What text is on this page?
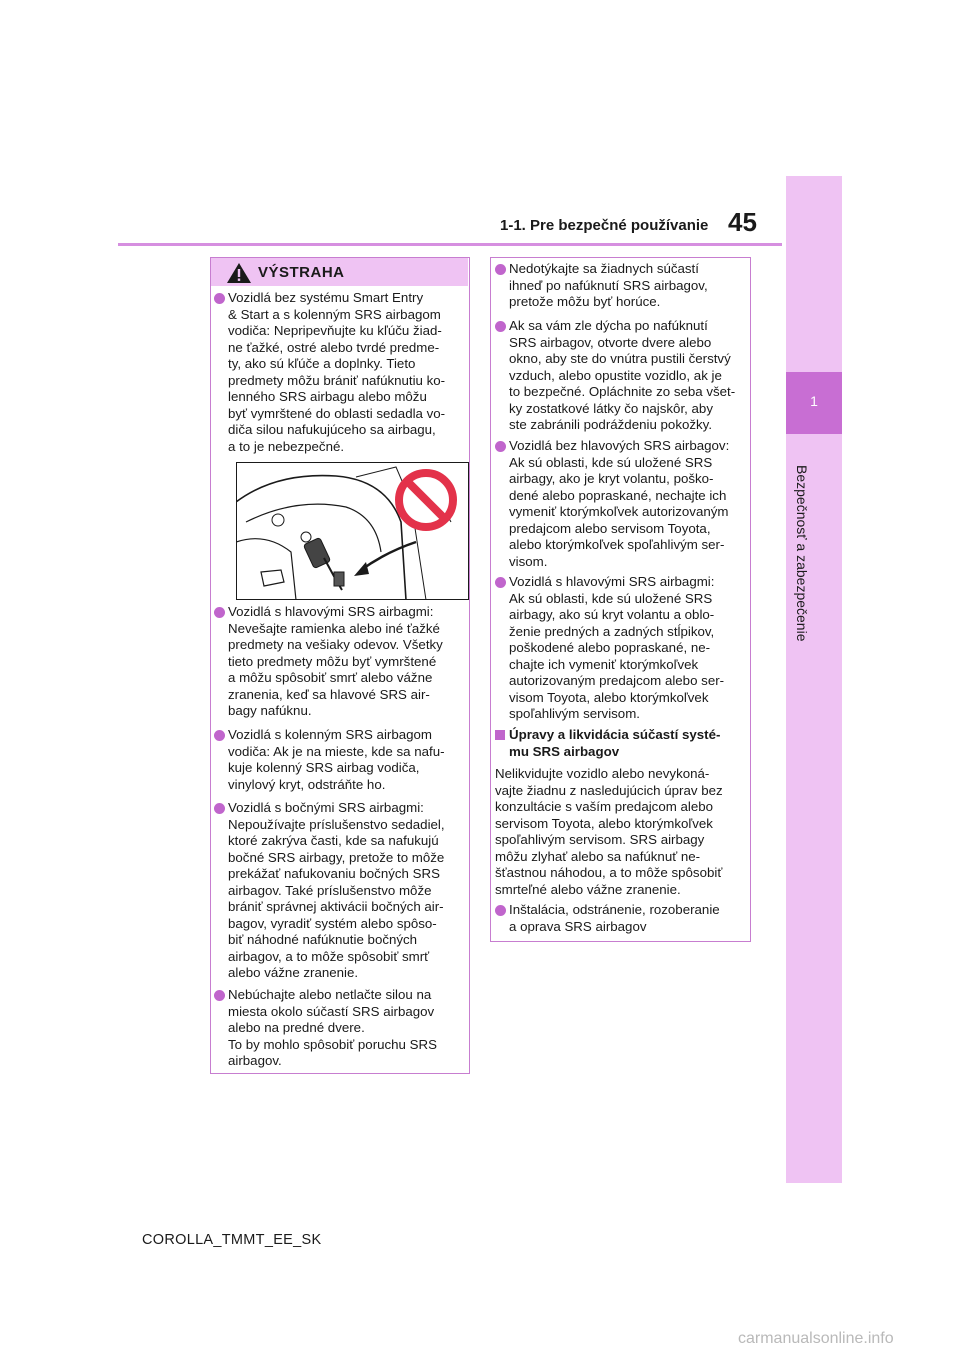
45
1-1. Pre bezpečné používanie
1
Bezpečnosť a zabezpečenie
VÝSTRAHA
Vozidlá bez systému Smart Entry
& Start a s kolenným SRS airbagom
vodiča: Nepripevňujte ku kľúču žiad-
ne ťažké, ostré alebo tvrdé predme-
ty, ako sú kľúče a doplnky. Tieto
predmety môžu brániť nafúknutiu ko-
lenného SRS airbagu alebo môžu
byť vymrštené do oblasti sedadla vo-
diča silou nafukujúceho sa airbagu,
a to je nebezpečné.
Vozidlá s hlavovými SRS airbagmi:
Nevešajte ramienka alebo iné ťažké
predmety na vešiaky odevov. Všetky
tieto predmety môžu byť vymrštené
a môžu spôsobiť smrť alebo vážne
zranenia, keď sa hlavové SRS air-
bagy nafúknu.
Vozidlá s kolenným SRS airbagom
vodiča: Ak je na mieste, kde sa nafu-
kuje kolenný SRS airbag vodiča,
vinylový kryt, odstráňte ho.
Vozidlá s bočnými SRS airbagmi:
Nepoužívajte príslušenstvo sedadiel,
ktoré zakrýva časti, kde sa nafukujú
bočné SRS airbagy, pretože to môže
prekážať nafukovaniu bočných SRS
airbagov. Také príslušenstvo môže
brániť správnej aktivácii bočných air-
bagov, vyradiť systém alebo spôso-
biť náhodné nafúknutie bočných
airbagov, a to môže spôsobiť smrť
alebo vážne zranenie.
Nebúchajte alebo netlačte silou na
miesta okolo súčastí SRS airbagov
alebo na predné dvere.
To by mohlo spôsobiť poruchu SRS
airbagov.
Nedotýkajte sa žiadnych súčastí
ihneď po nafúknutí SRS airbagov,
pretože môžu byť horúce.
Ak sa vám zle dýcha po nafúknutí
SRS airbagov, otvorte dvere alebo
okno, aby ste do vnútra pustili čerstvý
vzduch, alebo opustite vozidlo, ak je
to bezpečné. Opláchnite zo seba všet-
ky zostatkové látky čo najskôr, aby
ste zabránili podráždeniu pokožky.
Vozidlá bez hlavových SRS airbagov:
Ak sú oblasti, kde sú uložené SRS
airbagy, ako je kryt volantu, poško-
dené alebo popraskané, nechajte ich
vymeniť ktorýmkoľvek autorizovaným
predajcom alebo servisom Toyota,
alebo ktorýmkoľvek spoľahlivým ser-
visom.
Vozidlá s hlavovými SRS airbagmi:
Ak sú oblasti, kde sú uložené SRS
airbagy, ako sú kryt volantu a oblo-
ženie predných a zadných stĺpikov,
poškodené alebo popraskané, ne-
chajte ich vymeniť ktorýmkoľvek
autorizovaným predajcom alebo ser-
visom Toyota, alebo ktorýmkoľvek
spoľahlivým servisom.
Úpravy a likvidácia súčastí systé-
mu SRS airbagov
Nelikvidujte vozidlo alebo nevykoná-
vajte žiadnu z nasledujúcich úprav bez
konzultácie s vaším predajcom alebo
servisom Toyota, alebo ktorýmkoľvek
spoľahlivým servisom. SRS airbagy
môžu zlyhať alebo sa nafúknuť ne-
šťastnou náhodou, a to môže spôsobiť
smrteľné alebo vážne zranenie.
Inštalácia, odstránenie, rozoberanie
a oprava SRS airbagov
COROLLA_TMMT_EE_SK
carmanualsonline.info
